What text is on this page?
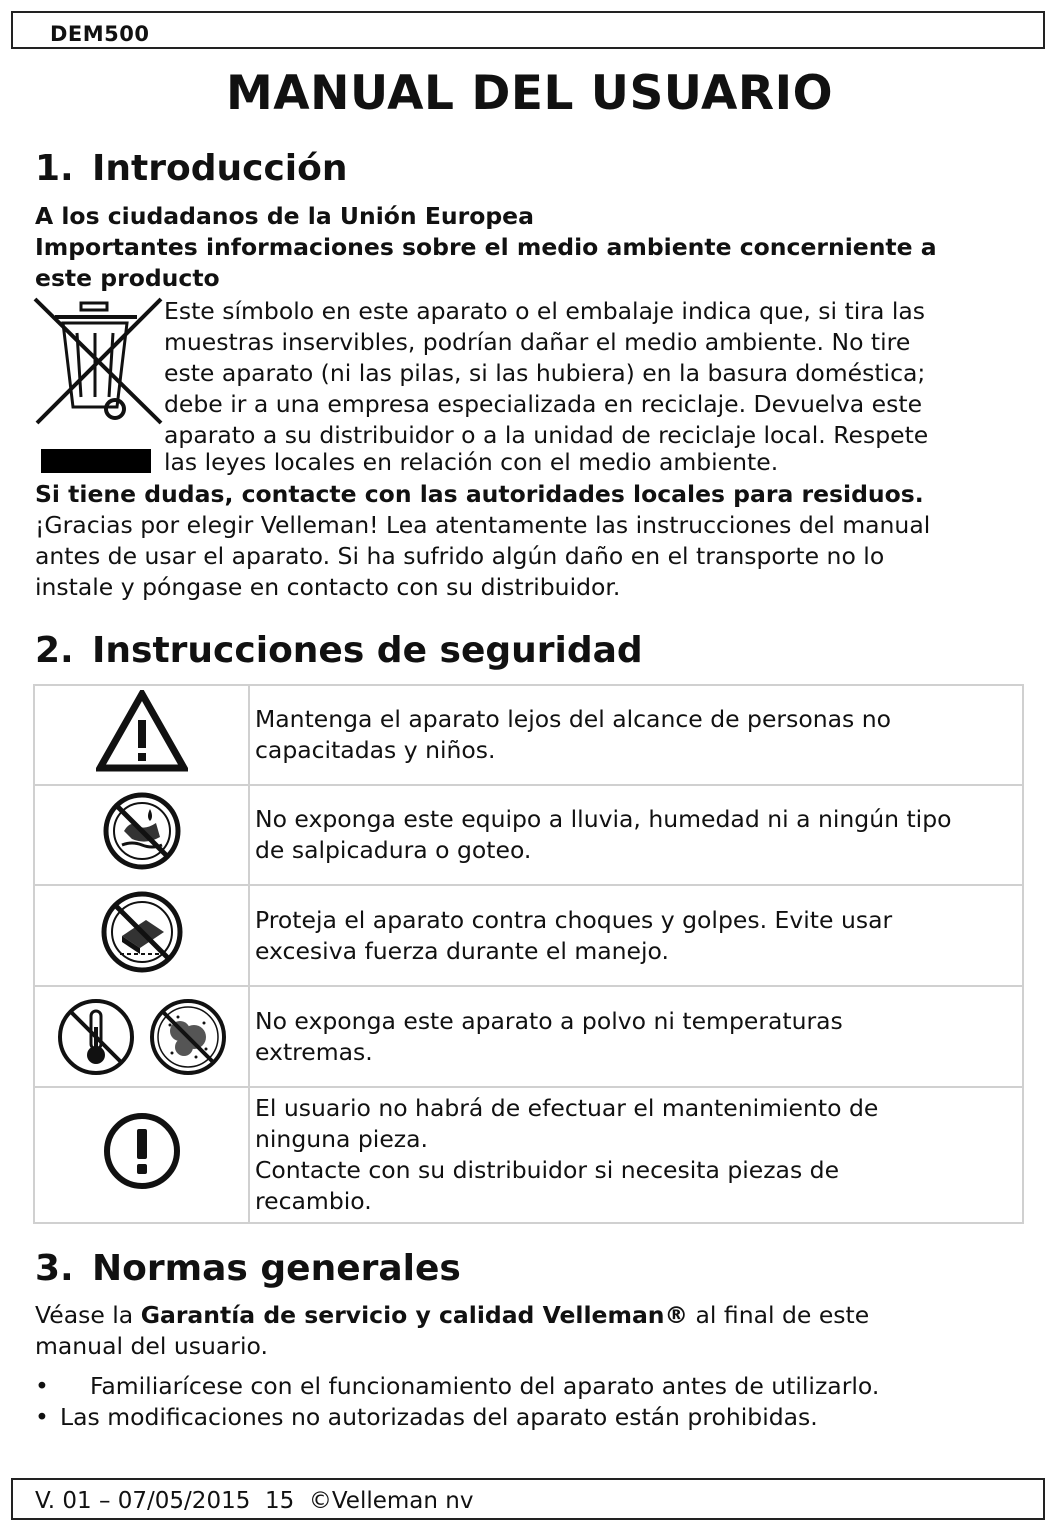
DEM500
MANUAL DEL USUARIO
1. Introducción

A los ciudadanos de la Unión Europea

Importantes informaciones sobre el medio ambiente concerniente a

este producto

Este símbolo en este aparato o el embalaje indica que, si tira las
muestras inservibles, podrían dañar el medio ambiente. No tire
este aparato (ni las pilas, si las hubiera) en la basura doméstica;
debe ir a una empresa especializada en reciclaje. Devuelva este
aparato a su distribuidor o a la unidad de reciclaje local. Respete
las leyes locales en relación con el medio ambiente.

Si tiene dudas, contacte con las autoridades locales para residuos.

¡Gracias por elegir Velleman! Lea atentamente las instrucciones del manual

antes de usar el aparato. Si ha sufrido algún daño en el transporte no lo

instale y póngase en contacto con su distribuidor.

2. Instrucciones de seguridad

Mantenga el aparato lejos del alcance de personas no
capacitadas y niños.

No exponga este equipo a lluvia, humedad ni a ningún tipo
de salpicadura o goteo.

Proteja el aparato contra choques y golpes. Evite usar
excesiva fuerza durante el manejo.

No exponga este aparato a polvo ni temperaturas
extremas.

El usuario no habrá de efectuar el mantenimiento de
ninguna pieza.
Contacte con su distribuidor si necesita piezas de
recambio.
3. Normas generales

Véase la Garantía de servicio y calidad Velleman® al final de este

manual del usuario.

• Familiarícese con el funcionamiento del aparato antes de utilizarlo.
• Las modificaciones no autorizadas del aparato están prohibidas.
V. 01 – 07/05/2015  15  ©Velleman nv
